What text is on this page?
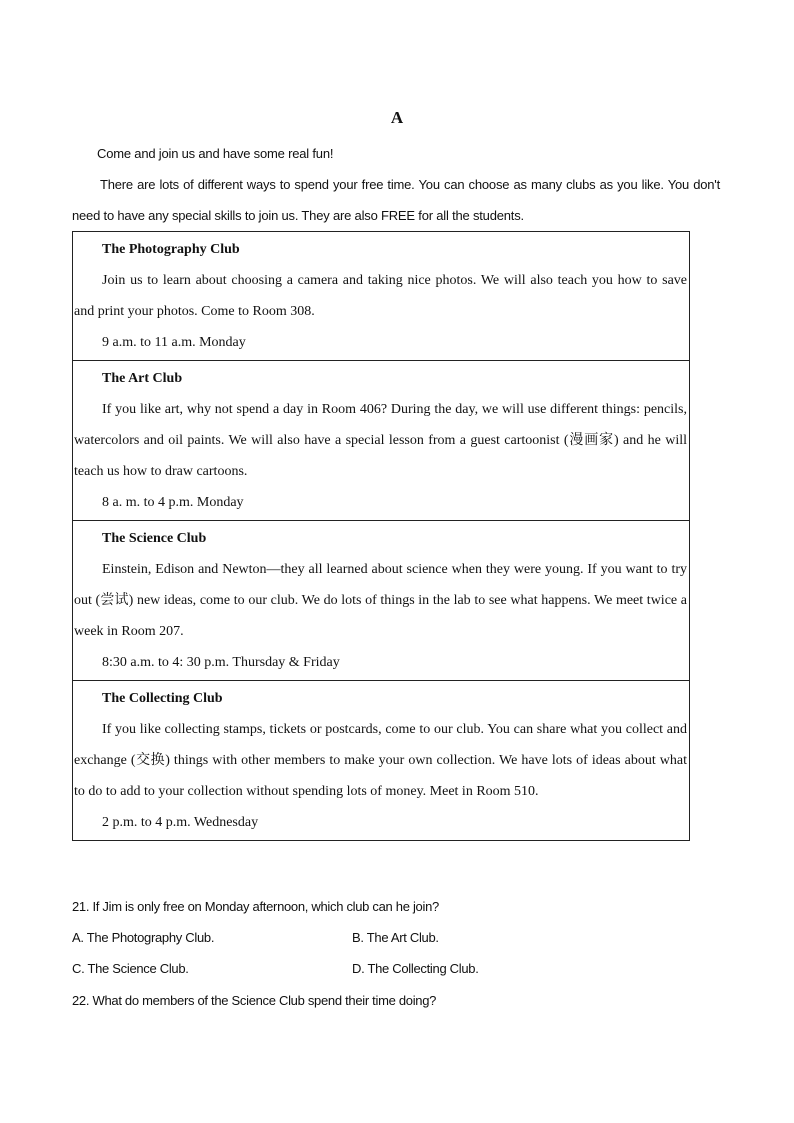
A
Come and join us and have some real fun!
There are lots of different ways to spend your free time. You can choose as many clubs as you like. You don't need to have any special skills to join us. They are also FREE for all the students.
The Photography Club
Join us to learn about choosing a camera and taking nice photos. We will also teach you how to save and print your photos. Come to Room 308.
9 a.m. to 11 a.m. Monday

The Art Club
If you like art, why not spend a day in Room 406? During the day, we will use different things: pencils, watercolors and oil paints. We will also have a special lesson from a guest cartoonist (漫画家) and he will teach us how to draw cartoons.
8 a. m. to 4 p.m. Monday

The Science Club
Einstein, Edison and Newton—they all learned about science when they were young. If you want to try out (尝试) new ideas, come to our club. We do lots of things in the lab to see what happens. We meet twice a week in Room 207.
8:30 a.m. to 4: 30 p.m. Thursday & Friday

The Collecting Club
If you like collecting stamps, tickets or postcards, come to our club. You can share what you collect and exchange (交换) things with other members to make your own collection. We have lots of ideas about what to do to add to your collection without spending lots of money. Meet in Room 510.
2 p.m. to 4 p.m. Wednesday
21. If Jim is only free on Monday afternoon, which club can he join?
A. The Photography Club.	B. The Art Club.
C. The Science Club.	D. The Collecting Club.
22. What do members of the Science Club spend their time doing?
